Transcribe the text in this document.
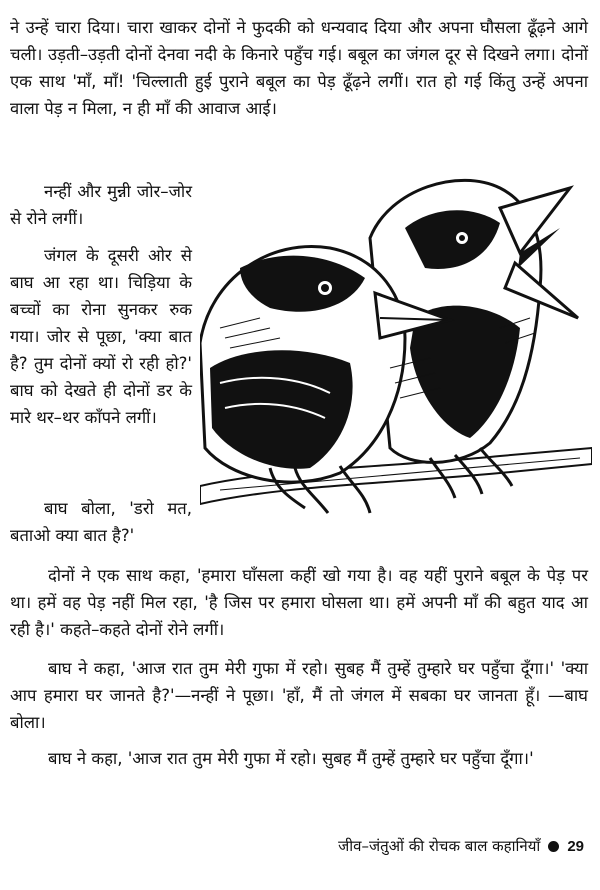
ने उन्हें चारा दिया। चारा खाकर दोनों ने फुदकी को धन्यवाद दिया और अपना घौसला ढूँढ़ने आगे चली। उड़ती–उड़ती दोनों देनवा नदी के किनारे पहुँच गई। बबूल का जंगल दूर से दिखने लगा। दोनों एक साथ 'माँ, माँ! 'चिल्लाती हुई पुराने बबूल का पेड़ ढूँढ़ने लगीं। रात हो गई किंतु उन्हें अपना वाला पेड़ न मिला, न ही माँ की आवाज आई।

नन्हीं और मुन्नी जोर–जोर से रोने लगीं।

जंगल के दूसरी ओर से बाघ आ रहा था। चिड़िया के बच्चों का रोना सुनकर रुक गया। जोर से पूछा, 'क्या बात है? तुम दोनों क्यों रो रही हो?' बाघ को देखते ही दोनों डर के मारे थर–थर काँपने लगीं।

बाघ बोला, 'डरो मत, बताओ क्या बात है?'

दोनों ने एक साथ कहा, 'हमारा घाँसला कहीं खो गया है। वह यहीं पुराने बबूल के पेड़ पर था। हमें वह पेड़ नहीं मिल रहा, 'है जिस पर हमारा घोसला था। हमें अपनी माँ की बहुत याद आ रही है।' कहते–कहते दोनों रोने लगीं।

बाघ ने कहा, 'आज रात तुम मेरी गुफा में रहो। सुबह मैं तुम्हें तुम्हारे घर पहुँचा दूँगा।' 'क्या आप हमारा घर जानते है?'—नन्हीं ने पूछा। 'हाँ, मैं तो जंगल में सबका घर जानता हूँ। —बाघ बोला।

बाघ ने कहा, 'आज रात तुम मेरी गुफा में रहो। सुबह मैं तुम्हें तुम्हारे घर पहुँचा दूँगा।'

जीव–जंतुओं की रोचक बाल कहानियाँ 29
